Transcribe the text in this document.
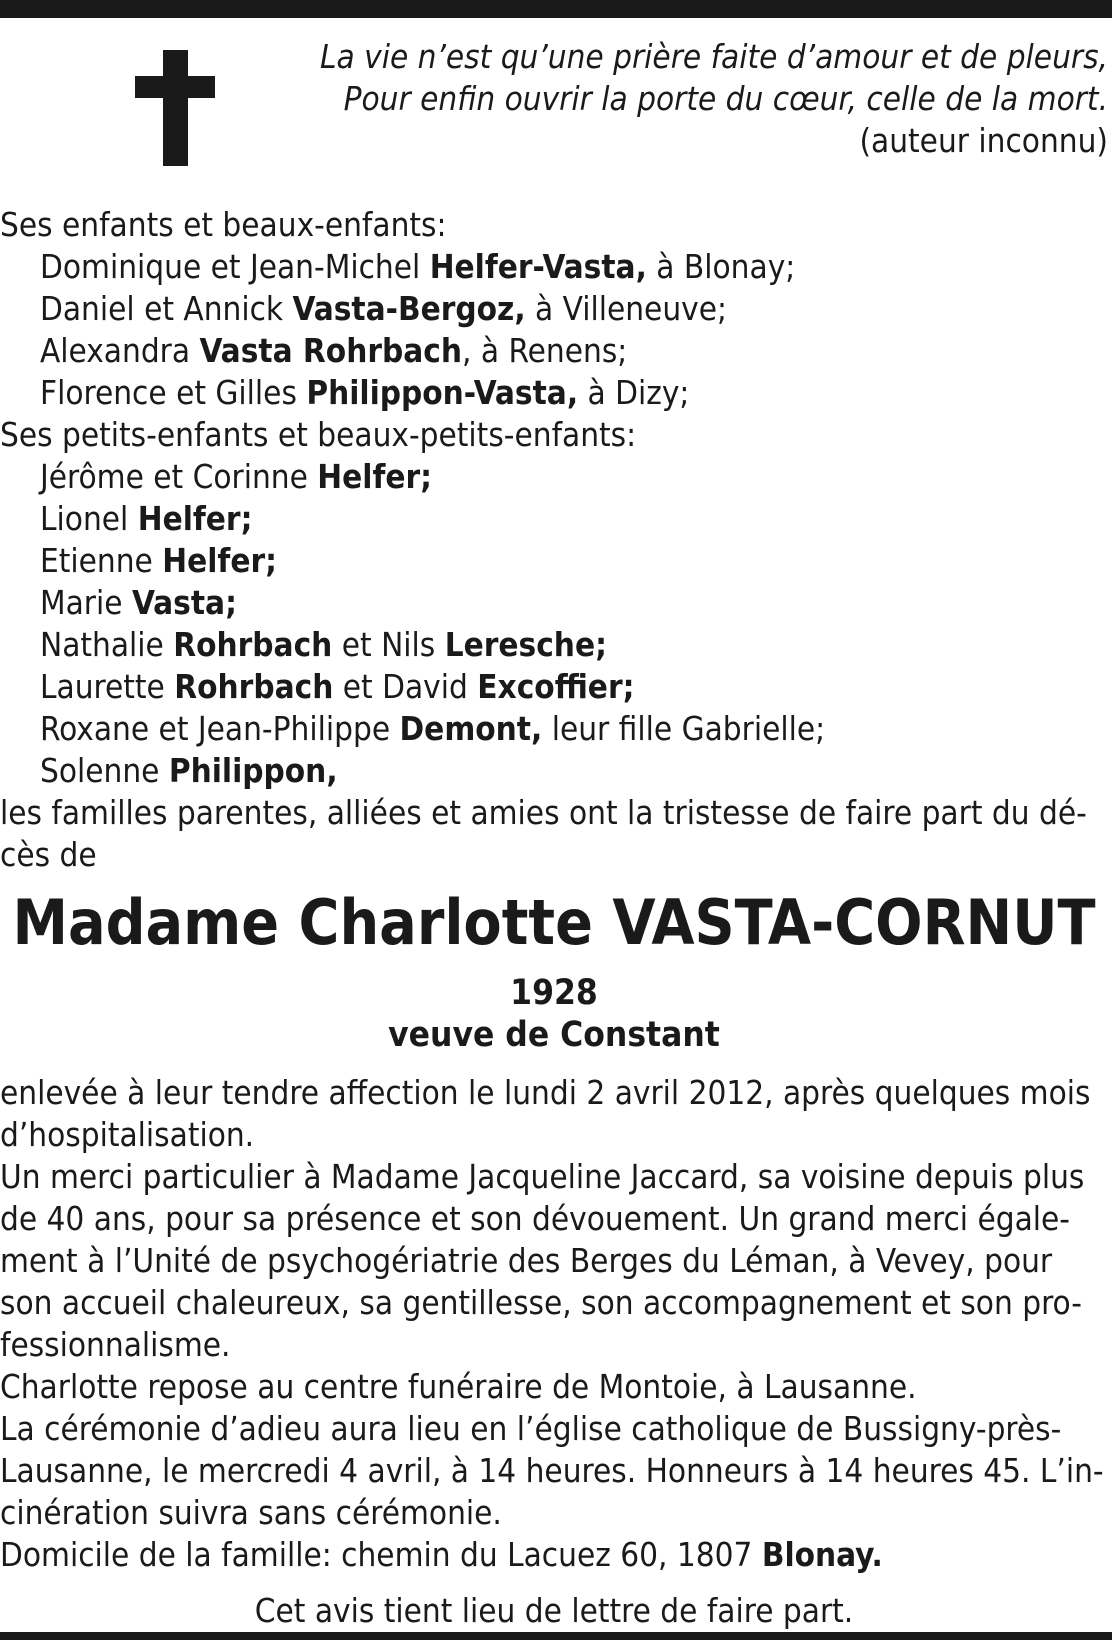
La vie n’est qu’une prière faite d’amour et de pleurs,
Pour enfin ouvrir la porte du cœur, celle de la mort.
(auteur inconnu)
Ses enfants et beaux-enfants:
Dominique et Jean-Michel Helfer-Vasta, à Blonay;
Daniel et Annick Vasta-Bergoz, à Villeneuve;
Alexandra Vasta Rohrbach, à Renens;
Florence et Gilles Philippon-Vasta, à Dizy;
Ses petits-enfants et beaux-petits-enfants:
Jérôme et Corinne Helfer;
Lionel Helfer;
Etienne Helfer;
Marie Vasta;
Nathalie Rohrbach et Nils Leresche;
Laurette Rohrbach et David Excoffier;
Roxane et Jean-Philippe Demont, leur fille Gabrielle;
Solenne Philippon,
les familles parentes, alliées et amies ont la tristesse de faire part du dé-
cès de
Madame Charlotte VASTA-CORNUT
1928
veuve de Constant
enlevée à leur tendre affection le lundi 2 avril 2012, après quelques mois
d’hospitalisation.
Un merci particulier à Madame Jacqueline Jaccard, sa voisine depuis plus
de 40 ans, pour sa présence et son dévouement. Un grand merci égale-
ment à l’Unité de psychogériatrie des Berges du Léman, à Vevey, pour
son accueil chaleureux, sa gentillesse, son accompagnement et son pro-
fessionnalisme.
Charlotte repose au centre funéraire de Montoie, à Lausanne.
La cérémonie d’adieu aura lieu en l’église catholique de Bussigny-près-
Lausanne, le mercredi 4 avril, à 14 heures. Honneurs à 14 heures 45. L’in-
cinération suivra sans cérémonie.
Domicile de la famille: chemin du Lacuez 60, 1807 Blonay.
Cet avis tient lieu de lettre de faire part.
